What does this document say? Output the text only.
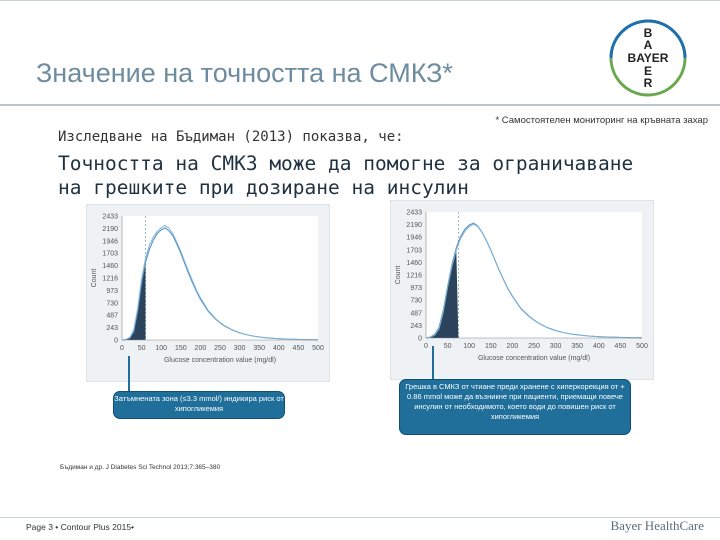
Значение на точността на СМКЗ*
B
A
BAYER
E
R
* Самостоятелен мониторинг на кръвната захар
Изследване на Бъдиман (2013) показва, че:
Точността на СМКЗ може да помогне за ограничаване на грешките при дозиране на инсулин
2433
2190
1946
1703
1460
1216
973
730
487
243
0
0 50 100 150 200 250 300 350 400 450 500
Count
Glucose concentration value (mg/dl)
2433
2190
1946
1703
1460
1216
973
730
487
243
0
0 50 100 150 200 250 300 350 400 450 500
Count
Glucose concentration value (mg/dl)
Затъмнената зона (≤3.3 mmol/) индикира риск от хипогликемия
Грешка в СМКЗ от чтиане преди хранене с хиперкорекция от + 0.86 mmol може да възникне при пациенти, приемащи повече инсулин от необходимото, което води до повишен риск от хипогликемия
Бъдиман и др. J Diabetes Sci Technol 2013;7:365–380
Page 3 • Contour Plus 2015•	Bayer HealthCare
